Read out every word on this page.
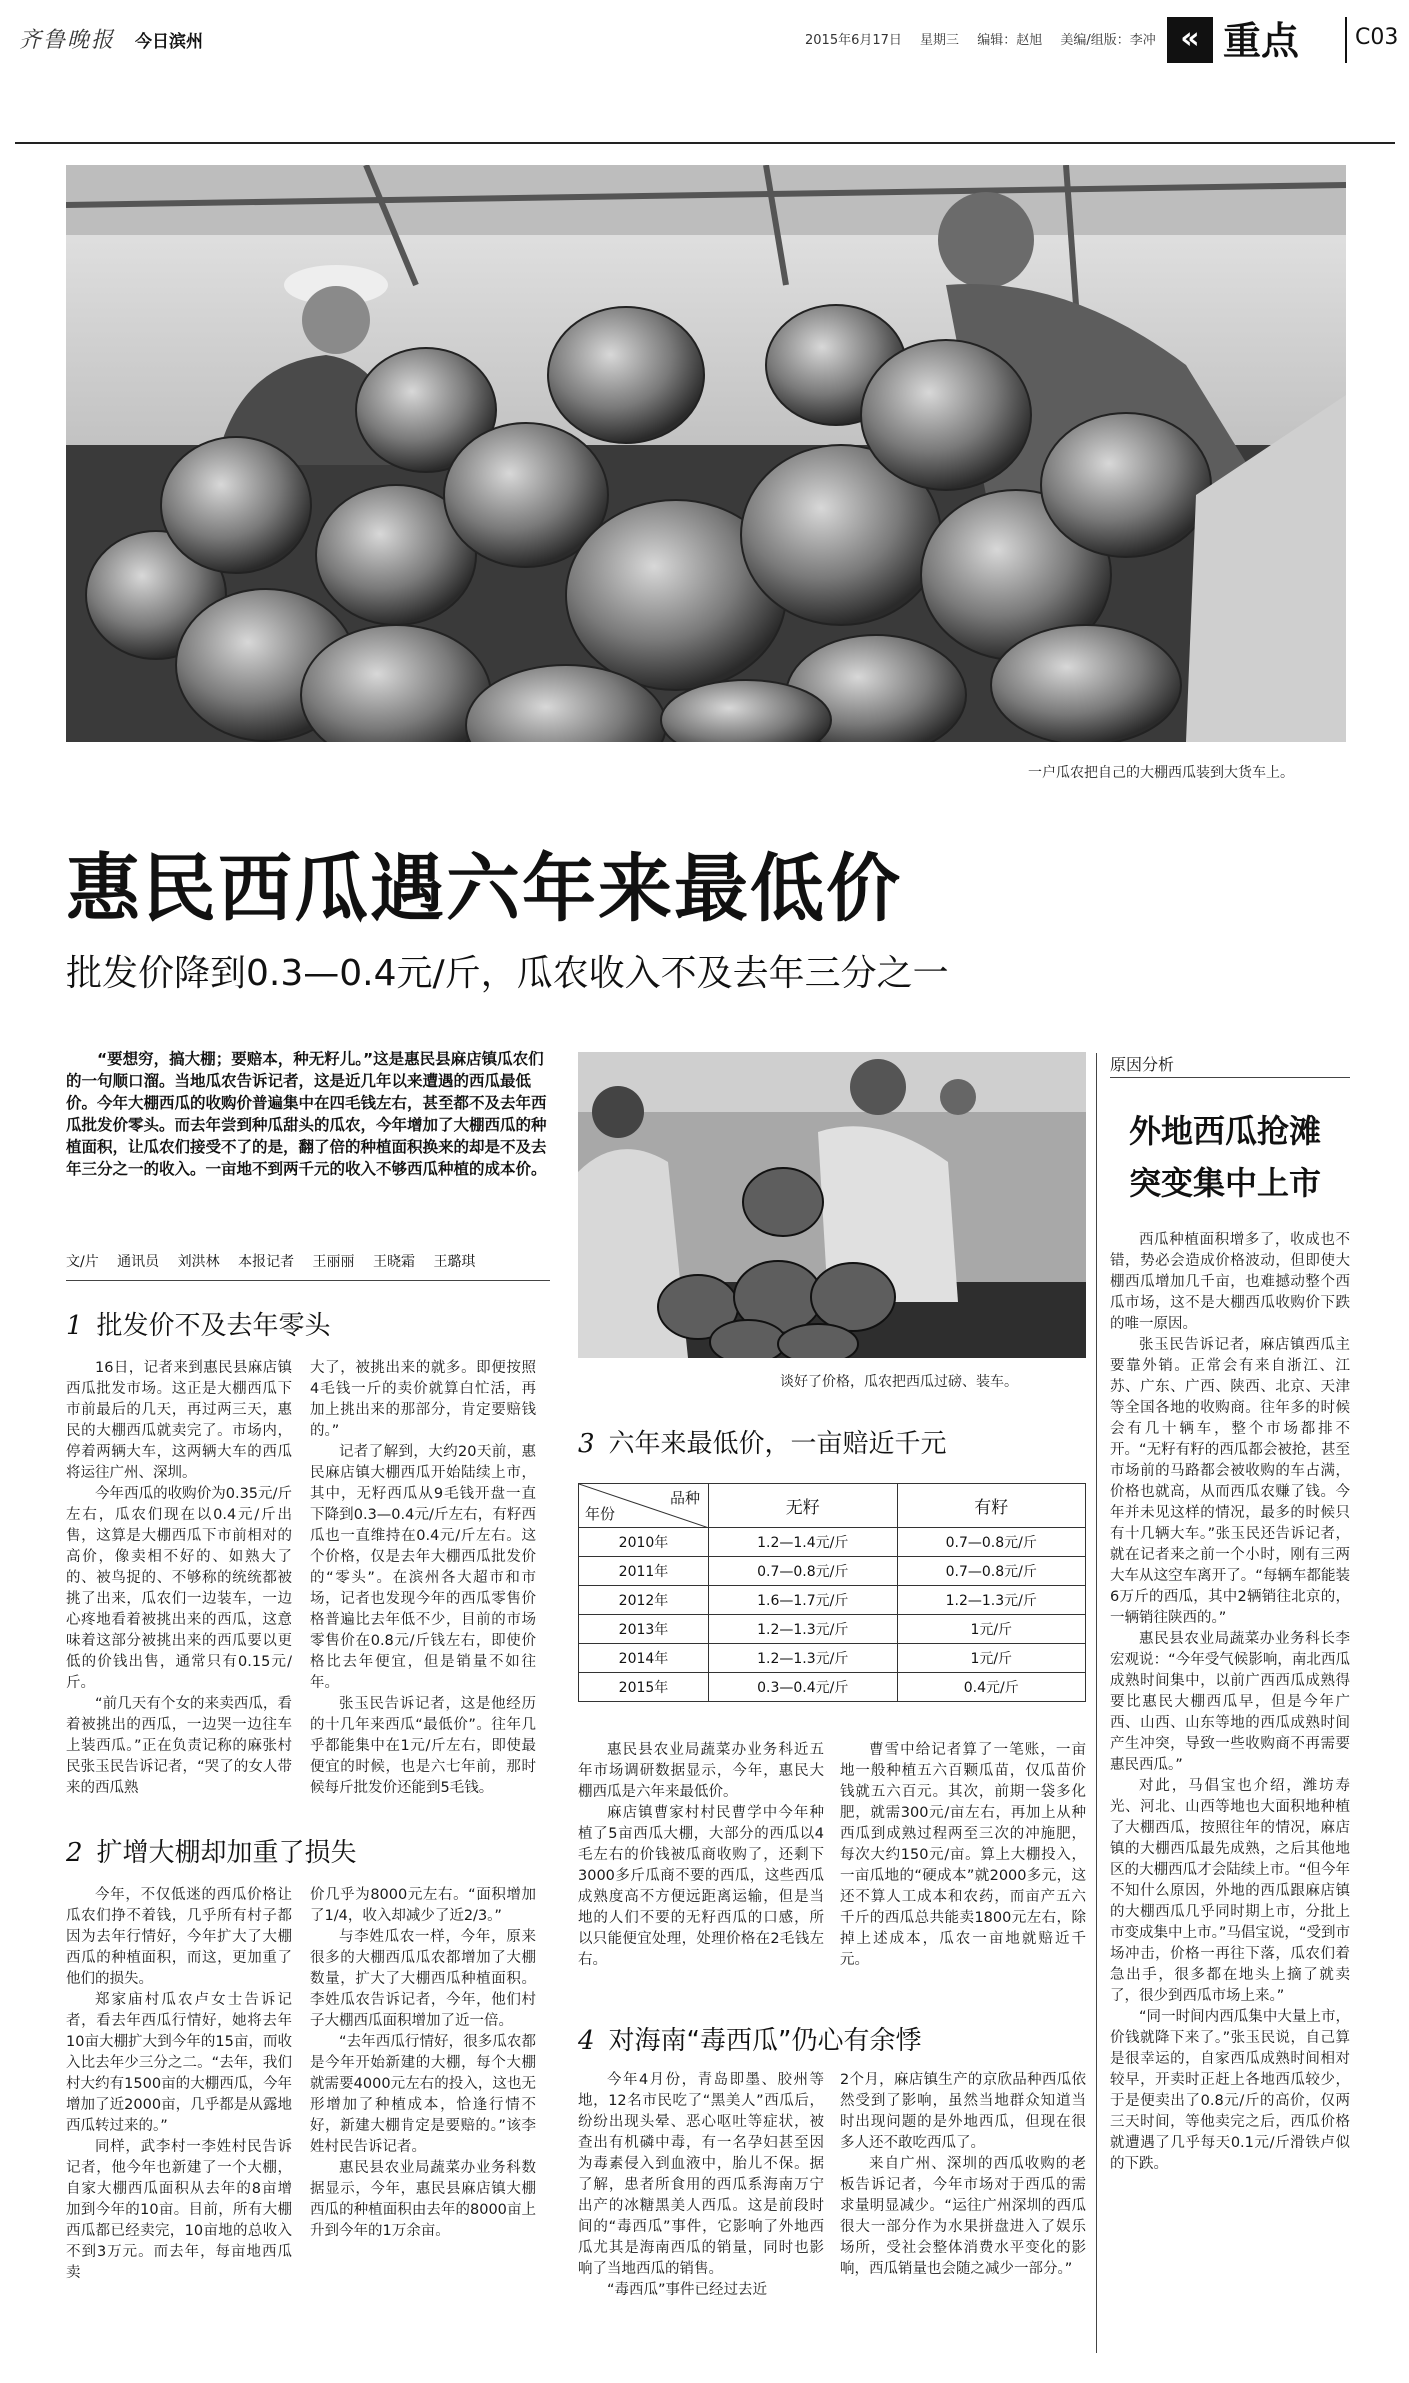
齐鲁晚报 今日滨州	2015年6月17日 星期三 编辑：赵旭 美编/组版：李冲 « 重点	C03
一户瓜农把自己的大棚西瓜装到大货车上。
惠民西瓜遇六年来最低价
批发价降到0.3—0.4元/斤，瓜农收入不及去年三分之一
“要想穷，搞大棚；要赔本，种无籽儿。”这是惠民县麻店镇瓜农们的一句顺口溜。当地瓜农告诉记者，这是近几年以来遭遇的西瓜最低价。今年大棚西瓜的收购价普遍集中在四毛钱左右，甚至都不及去年西瓜批发价零头。而去年尝到种瓜甜头的瓜农，今年增加了大棚西瓜的种植面积，让瓜农们接受不了的是，翻了倍的种植面积换来的却是不及去年三分之一的收入。一亩地不到两千元的收入不够西瓜种植的成本价。
文/片 通讯员 刘洪林 本报记者 王丽丽 王晓霜 王璐琪
1 批发价不及去年零头

16日，记者来到惠民县麻店镇西瓜批发市场。这正是大棚西瓜下市前最后的几天，再过两三天，惠民的大棚西瓜就卖完了。市场内，停着两辆大车，这两辆大车的西瓜将运往广州、深圳。

今年西瓜的收购价为0.35元/斤左右，瓜农们现在以0.4元/斤出售，这算是大棚西瓜下市前相对的高价，像卖相不好的、如熟大了的、被鸟捉的、不够称的统统都被挑了出来，瓜农们一边装车，一边心疼地看着被挑出来的西瓜，这意味着这部分被挑出来的西瓜要以更低的价钱出售，通常只有0.15元/斤。

“前几天有个女的来卖西瓜，看着被挑出的西瓜，一边哭一边往车上装西瓜。”正在负责记称的麻张村民张玉民告诉记者，“哭了的女人带来的西瓜熟

大了，被挑出来的就多。即便按照4毛钱一斤的卖价就算白忙活，再加上挑出来的那部分，肯定要赔钱的。”

记者了解到，大约20天前，惠民麻店镇大棚西瓜开始陆续上市，其中，无籽西瓜从9毛钱开盘一直下降到0.3—0.4元/斤左右，有籽西瓜也一直维持在0.4元/斤左右。这个价格，仅是去年大棚西瓜批发价的“零头”。在滨州各大超市和市场，记者也发现今年的西瓜零售价格普遍比去年低不少，目前的市场零售价在0.8元/斤钱左右，即使价格比去年便宜，但是销量不如往年。

张玉民告诉记者，这是他经历的十几年来西瓜“最低价”。往年几乎都能集中在1元/斤左右，即使最便宜的时候，也是六七年前，那时候每斤批发价还能到5毛钱。

2 扩增大棚却加重了损失

今年，不仅低迷的西瓜价格让瓜农们挣不着钱，几乎所有村子都因为去年行情好，今年扩大了大棚西瓜的种植面积，而这，更加重了他们的损失。

郑家庙村瓜农卢女士告诉记者，看去年西瓜行情好，她将去年10亩大棚扩大到今年的15亩，而收入比去年少三分之二。“去年，我们村大约有1500亩的大棚西瓜，今年增加了近2000亩，几乎都是从露地西瓜转过来的。”

同样，武李村一李姓村民告诉记者，他今年也新建了一个大棚，自家大棚西瓜面积从去年的8亩增加到今年的10亩。目前，所有大棚西瓜都已经卖完，10亩地的总收入不到3万元。而去年，每亩地西瓜卖

价几乎为8000元左右。“面积增加了1/4，收入却减少了近2/3。”

与李姓瓜农一样，今年，原来很多的大棚西瓜瓜农都增加了大棚数量，扩大了大棚西瓜种植面积。李姓瓜农告诉记者，今年，他们村子大棚西瓜面积增加了近一倍。

“去年西瓜行情好，很多瓜农都是今年开始新建的大棚，每个大棚就需要4000元左右的投入，这也无形增加了种植成本，恰逢行情不好，新建大棚肯定是要赔的。”该李姓村民告诉记者。

惠民县农业局蔬菜办业务科数据显示，今年，惠民县麻店镇大棚西瓜的种植面积由去年的8000亩上升到今年的1万余亩。

谈好了价格，瓜农把西瓜过磅、装车。
3 六年来最低价，一亩赔近千元
品种
年份	无籽	有籽
2010年	1.2—1.4元/斤	0.7—0.8元/斤
2011年	0.7—0.8元/斤	0.7—0.8元/斤
2012年	1.6—1.7元/斤	1.2—1.3元/斤
2013年	1.2—1.3元/斤	1元/斤
2014年	1.2—1.3元/斤	1元/斤
2015年	0.3—0.4元/斤	0.4元/斤

惠民县农业局蔬菜办业务科近五年市场调研数据显示，今年，惠民大棚西瓜是六年来最低价。

麻店镇曹家村村民曹学中今年种植了5亩西瓜大棚，大部分的西瓜以4毛左右的价钱被瓜商收购了，还剩下3000多斤瓜商不要的西瓜，这些西瓜成熟度高不方便远距离运输，但是当地的人们不要的无籽西瓜的口感，所以只能便宜处理，处理价格在2毛钱左右。

曹雪中给记者算了一笔账，一亩地一般种植五六百颗瓜苗，仅瓜苗价钱就五六百元。其次，前期一袋多化肥，就需300元/亩左右，再加上从种西瓜到成熟过程两至三次的冲施肥，每次大约150元/亩。算上大棚投入，一亩瓜地的“硬成本”就2000多元，这还不算人工成本和农药，而亩产五六千斤的西瓜总共能卖1800元左右，除掉上述成本，瓜农一亩地就赔近千元。

4 对海南“毒西瓜”仍心有余悸

今年4月份，青岛即墨、胶州等地，12名市民吃了“黑美人”西瓜后，纷纷出现头晕、恶心呕吐等症状，被查出有机磷中毒，有一名孕妇甚至因为毒素侵入到血液中，胎儿不保。据了解，患者所食用的西瓜系海南万宁出产的冰糖黑美人西瓜。这是前段时间的“毒西瓜”事件，它影响了外地西瓜尤其是海南西瓜的销量，同时也影响了当地西瓜的销售。

“毒西瓜”事件已经过去近

2个月，麻店镇生产的京欣品种西瓜依然受到了影响，虽然当地群众知道当时出现问题的是外地西瓜，但现在很多人还不敢吃西瓜了。

来自广州、深圳的西瓜收购的老板告诉记者，今年市场对于西瓜的需求量明显减少。“运往广州深圳的西瓜很大一部分作为水果拼盘进入了娱乐场所，受社会整体消费水平变化的影响，西瓜销量也会随之减少一部分。”

原因分析
外地西瓜抢滩
突变集中上市

西瓜种植面积增多了，收成也不错，势必会造成价格波动，但即使大棚西瓜增加几千亩，也难撼动整个西瓜市场，这不是大棚西瓜收购价下跌的唯一原因。

张玉民告诉记者，麻店镇西瓜主要靠外销。正常会有来自浙江、江苏、广东、广西、陕西、北京、天津等全国各地的收购商。往年多的时候会有几十辆车，整个市场都排不开。“无籽有籽的西瓜都会被抢，甚至市场前的马路都会被收购的车占满，价格也就高，从而西瓜农赚了钱。今年并未见这样的情况，最多的时候只有十几辆大车。”张玉民还告诉记者，就在记者来之前一个小时，刚有三两大车从这空车离开了。“每辆车都能装6万斤的西瓜，其中2辆销往北京的，一辆销往陕西的。”

惠民县农业局蔬菜办业务科长李宏观说：“今年受气候影响，南北西瓜成熟时间集中，以前广西西瓜成熟得要比惠民大棚西瓜早，但是今年广西、山西、山东等地的西瓜成熟时间产生冲突，导致一些收购商不再需要惠民西瓜。”

对此，马倡宝也介绍，潍坊寿光、河北、山西等地也大面积地种植了大棚西瓜，按照往年的情况，麻店镇的大棚西瓜最先成熟，之后其他地区的大棚西瓜才会陆续上市。“但今年不知什么原因，外地的西瓜跟麻店镇的大棚西瓜几乎同时期上市，分批上市变成集中上市。”马倡宝说，“受到市场冲击，价格一再往下落，瓜农们着急出手，很多都在地头上摘了就卖了，很少到西瓜市场上来。”

“同一时间内西瓜集中大量上市，价钱就降下来了。”张玉民说，自己算是很幸运的，自家西瓜成熟时间相对较早，开卖时正赶上各地西瓜较少，于是便卖出了0.8元/斤的高价，仅两三天时间，等他卖完之后，西瓜价格就遭遇了几乎每天0.1元/斤滑铁卢似的下跌。
